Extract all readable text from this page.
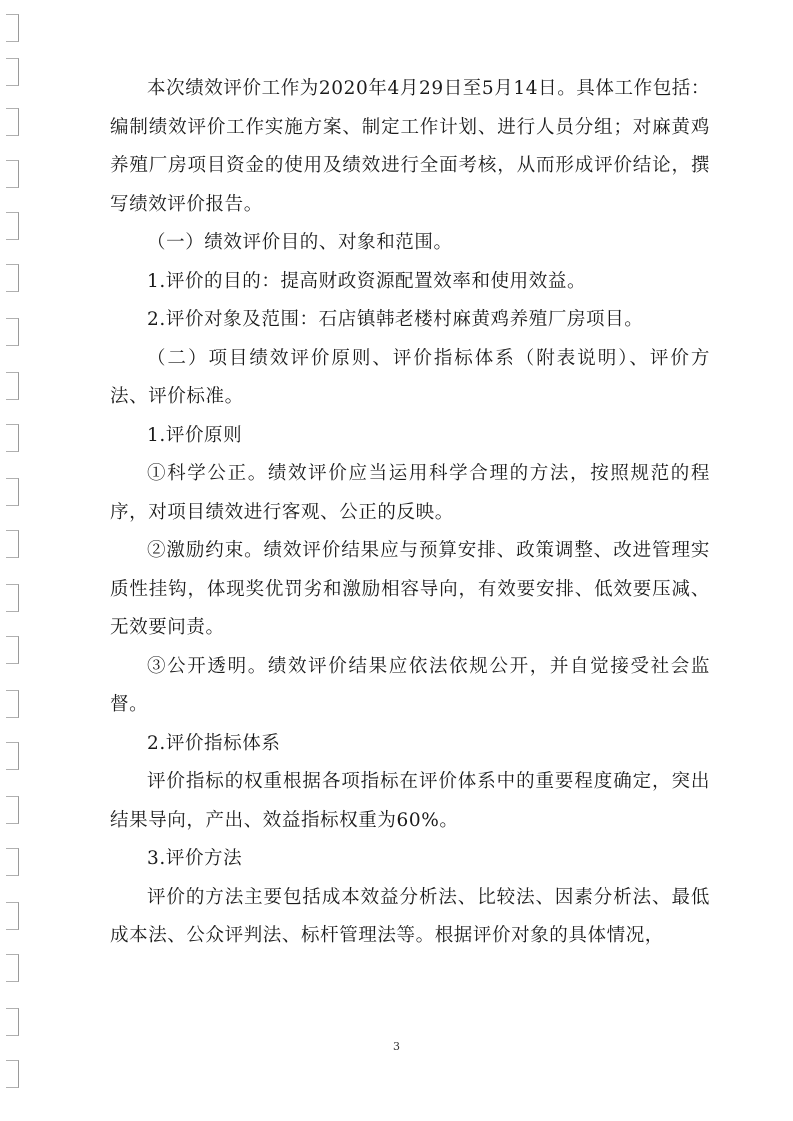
本次绩效评价工作为2020年4月29日至5月14日。具体工作包括：编制绩效评价工作实施方案、制定工作计划、进行人员分组；对麻黄鸡养殖厂房项目资金的使用及绩效进行全面考核，从而形成评价结论，撰写绩效评价报告。

（一）绩效评价目的、对象和范围。

1.评价的目的：提高财政资源配置效率和使用效益。

2.评价对象及范围：石店镇韩老楼村麻黄鸡养殖厂房项目。

（二）项目绩效评价原则、评价指标体系（附表说明）、评价方法、评价标准。

1.评价原则

①科学公正。绩效评价应当运用科学合理的方法，按照规范的程序，对项目绩效进行客观、公正的反映。

②激励约束。绩效评价结果应与预算安排、政策调整、改进管理实质性挂钩，体现奖优罚劣和激励相容导向，有效要安排、低效要压减、无效要问责。

③公开透明。绩效评价结果应依法依规公开，并自觉接受社会监督。

2.评价指标体系

评价指标的权重根据各项指标在评价体系中的重要程度确定，突出结果导向，产出、效益指标权重为60%。

3.评价方法

评价的方法主要包括成本效益分析法、比较法、因素分析法、最低成本法、公众评判法、标杆管理法等。根据评价对象的具体情况，

3
